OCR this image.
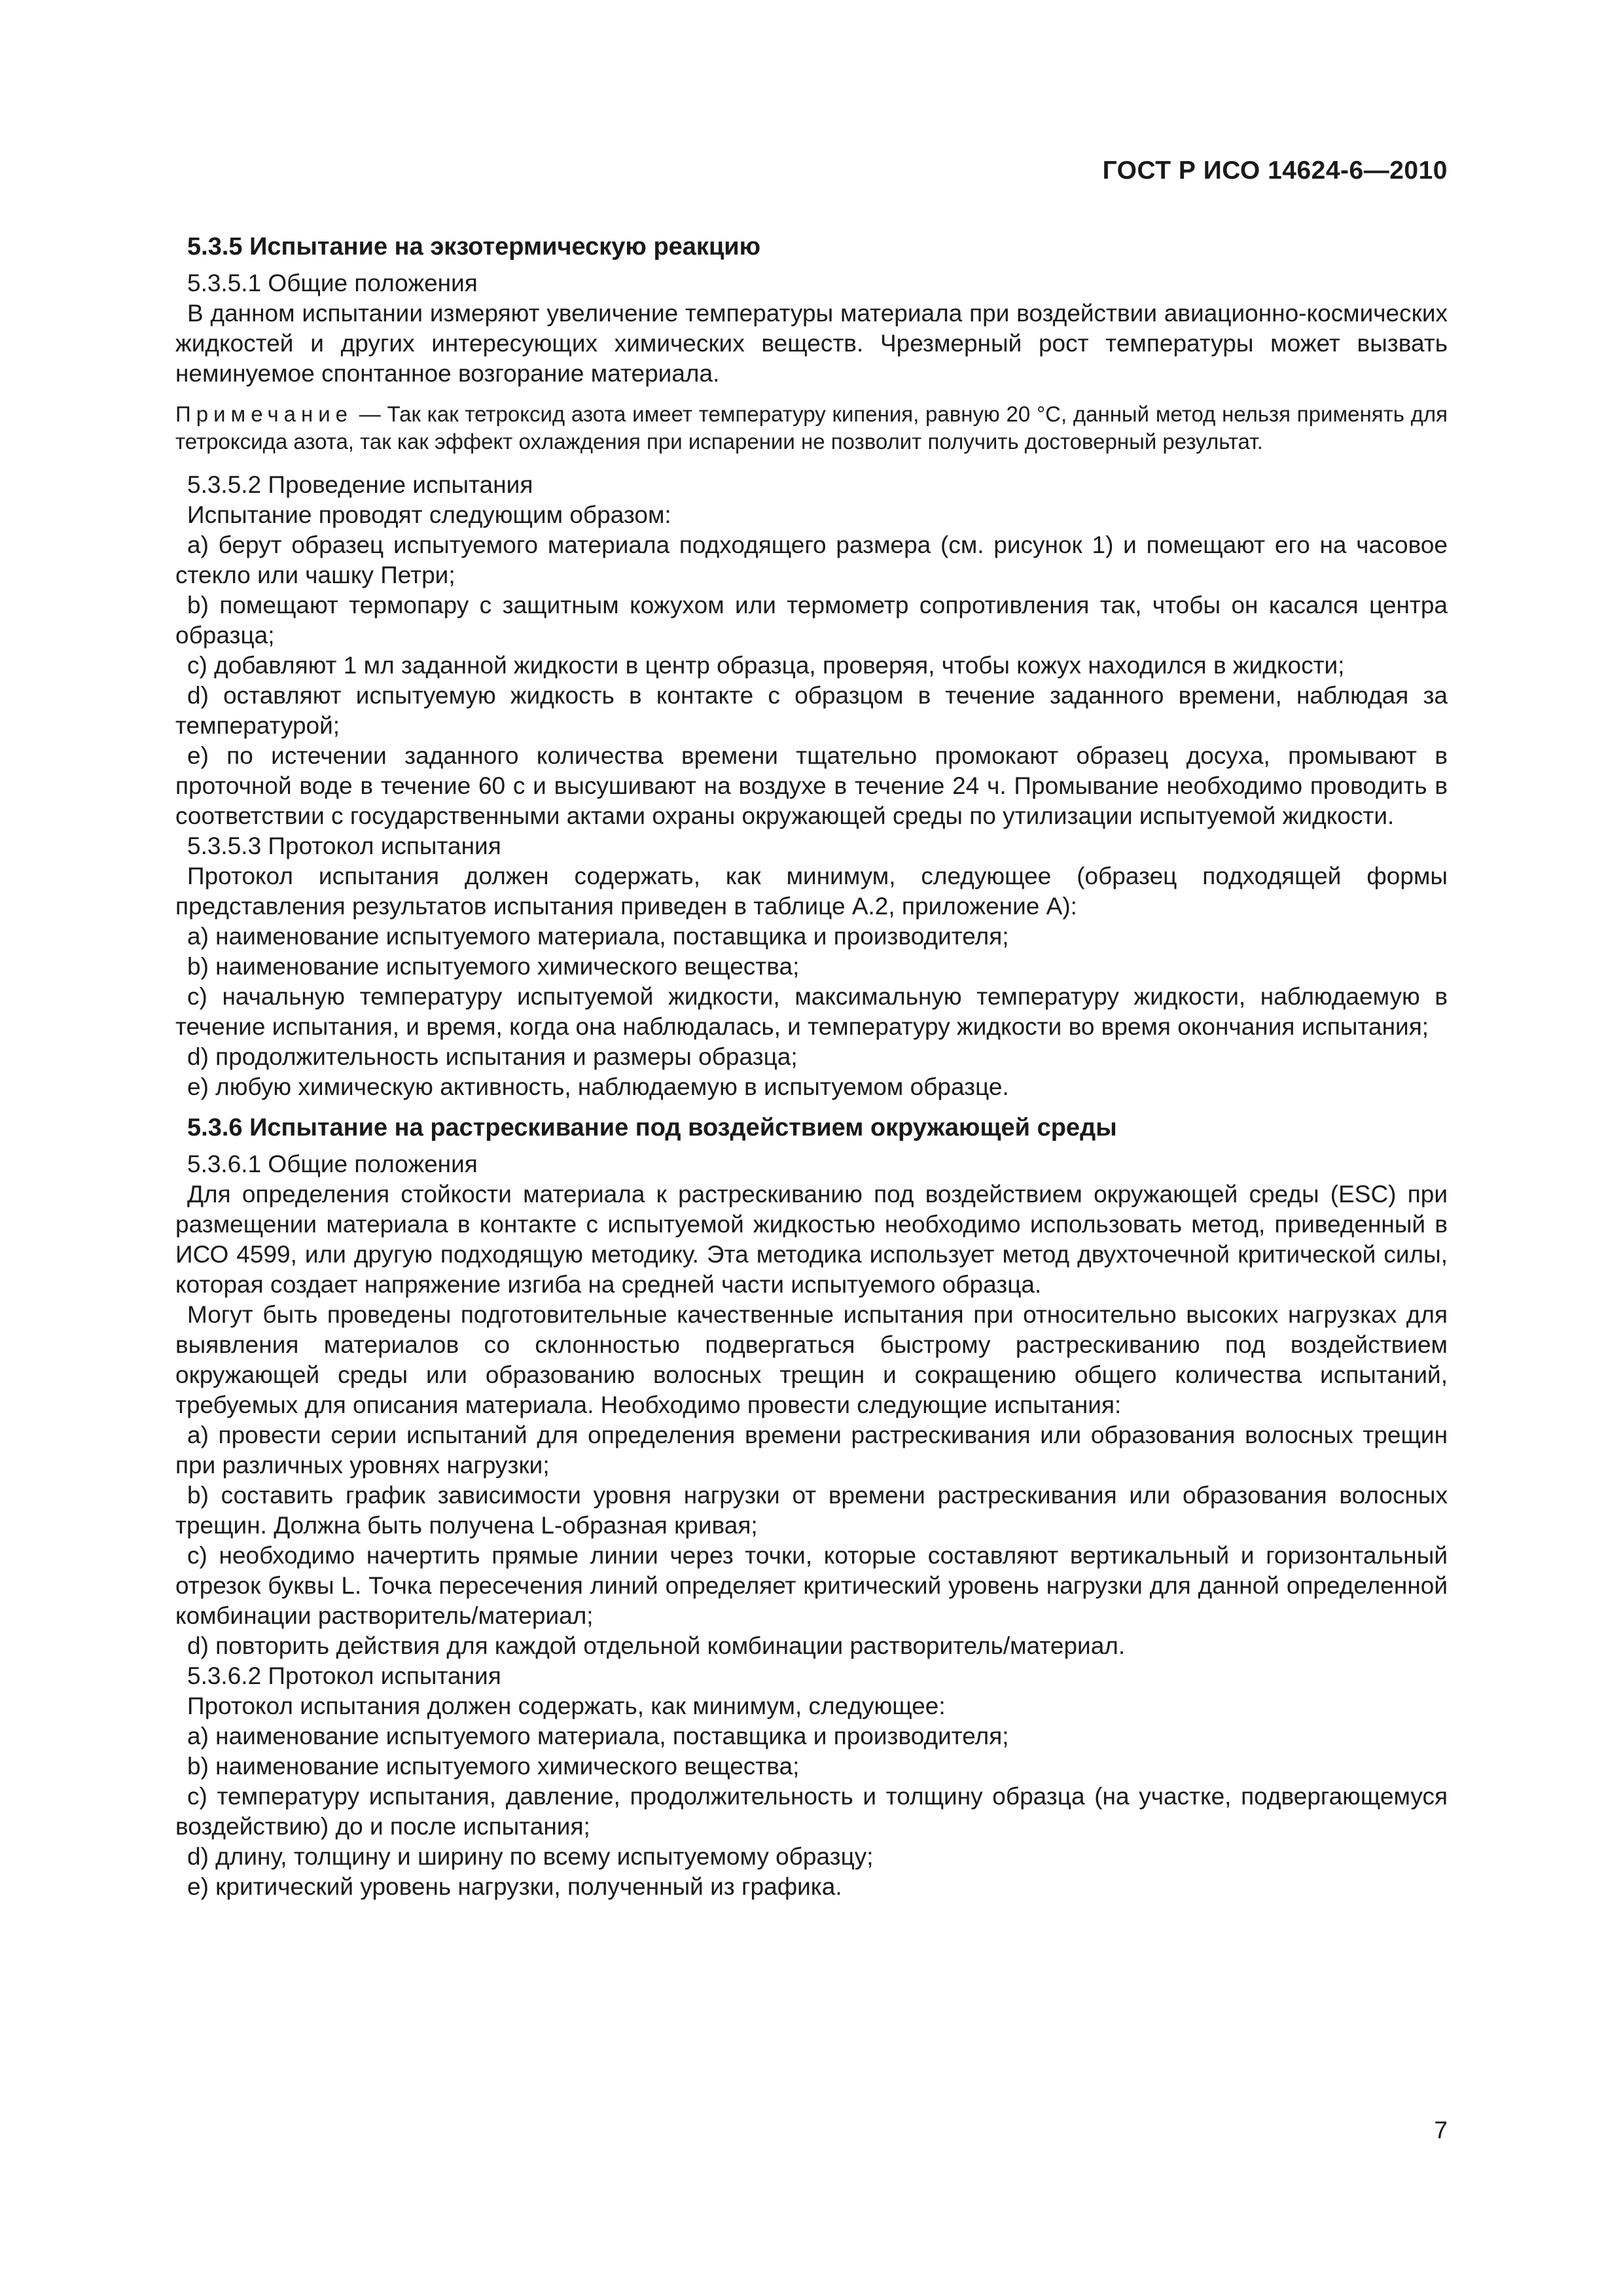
ГОСТ Р ИСО 14624-6—2010
5.3.5 Испытание на экзотермическую реакцию
5.3.5.1 Общие положения
В данном испытании измеряют увеличение температуры материала при воздействии авиационно-космических жидкостей и других интересующих химических веществ. Чрезмерный рост температуры может вызвать неминуемое спонтанное возгорание материала.
Примечание — Так как тетроксид азота имеет температуру кипения, равную 20 °С, данный метод нельзя применять для тетроксида азота, так как эффект охлаждения при испарении не позволит получить достоверный результат.
5.3.5.2 Проведение испытания
Испытание проводят следующим образом:
a) берут образец испытуемого материала подходящего размера (см. рисунок 1) и помещают его на часовое стекло или чашку Петри;
b) помещают термопару с защитным кожухом или термометр сопротивления так, чтобы он касался центра образца;
c) добавляют 1 мл заданной жидкости в центр образца, проверяя, чтобы кожух находился в жидкости;
d) оставляют испытуемую жидкость в контакте с образцом в течение заданного времени, наблюдая за температурой;
e) по истечении заданного количества времени тщательно промокают образец досуха, промывают в проточной воде в течение 60 с и высушивают на воздухе в течение 24 ч. Промывание необходимо проводить в соответствии с государственными актами охраны окружающей среды по утилизации испытуемой жидкости.
5.3.5.3 Протокол испытания
Протокол испытания должен содержать, как минимум, следующее (образец подходящей формы представления результатов испытания приведен в таблице А.2, приложение А):
a) наименование испытуемого материала, поставщика и производителя;
b) наименование испытуемого химического вещества;
c) начальную температуру испытуемой жидкости, максимальную температуру жидкости, наблюдаемую в течение испытания, и время, когда она наблюдалась, и температуру жидкости во время окончания испытания;
d) продолжительность испытания и размеры образца;
e) любую химическую активность, наблюдаемую в испытуемом образце.
5.3.6 Испытание на растрескивание под воздействием окружающей среды
5.3.6.1 Общие положения
Для определения стойкости материала к растрескиванию под воздействием окружающей среды (ESC) при размещении материала в контакте с испытуемой жидкостью необходимо использовать метод, приведенный в ИСО 4599, или другую подходящую методику. Эта методика использует метод двухточечной критической силы, которая создает напряжение изгиба на средней части испытуемого образца.
Могут быть проведены подготовительные качественные испытания при относительно высоких нагрузках для выявления материалов со склонностью подвергаться быстрому растрескиванию под воздействием окружающей среды или образованию волосных трещин и сокращению общего количества испытаний, требуемых для описания материала. Необходимо провести следующие испытания:
a) провести серии испытаний для определения времени растрескивания или образования волосных трещин при различных уровнях нагрузки;
b) составить график зависимости уровня нагрузки от времени растрескивания или образования волосных трещин. Должна быть получена L-образная кривая;
c) необходимо начертить прямые линии через точки, которые составляют вертикальный и горизонтальный отрезок буквы L. Точка пересечения линий определяет критический уровень нагрузки для данной определенной комбинации растворитель/материал;
d) повторить действия для каждой отдельной комбинации растворитель/материал.
5.3.6.2 Протокол испытания
Протокол испытания должен содержать, как минимум, следующее:
a) наименование испытуемого материала, поставщика и производителя;
b) наименование испытуемого химического вещества;
c) температуру испытания, давление, продолжительность и толщину образца (на участке, подвергающемуся воздействию) до и после испытания;
d) длину, толщину и ширину по всему испытуемому образцу;
e) критический уровень нагрузки, полученный из графика.
7
